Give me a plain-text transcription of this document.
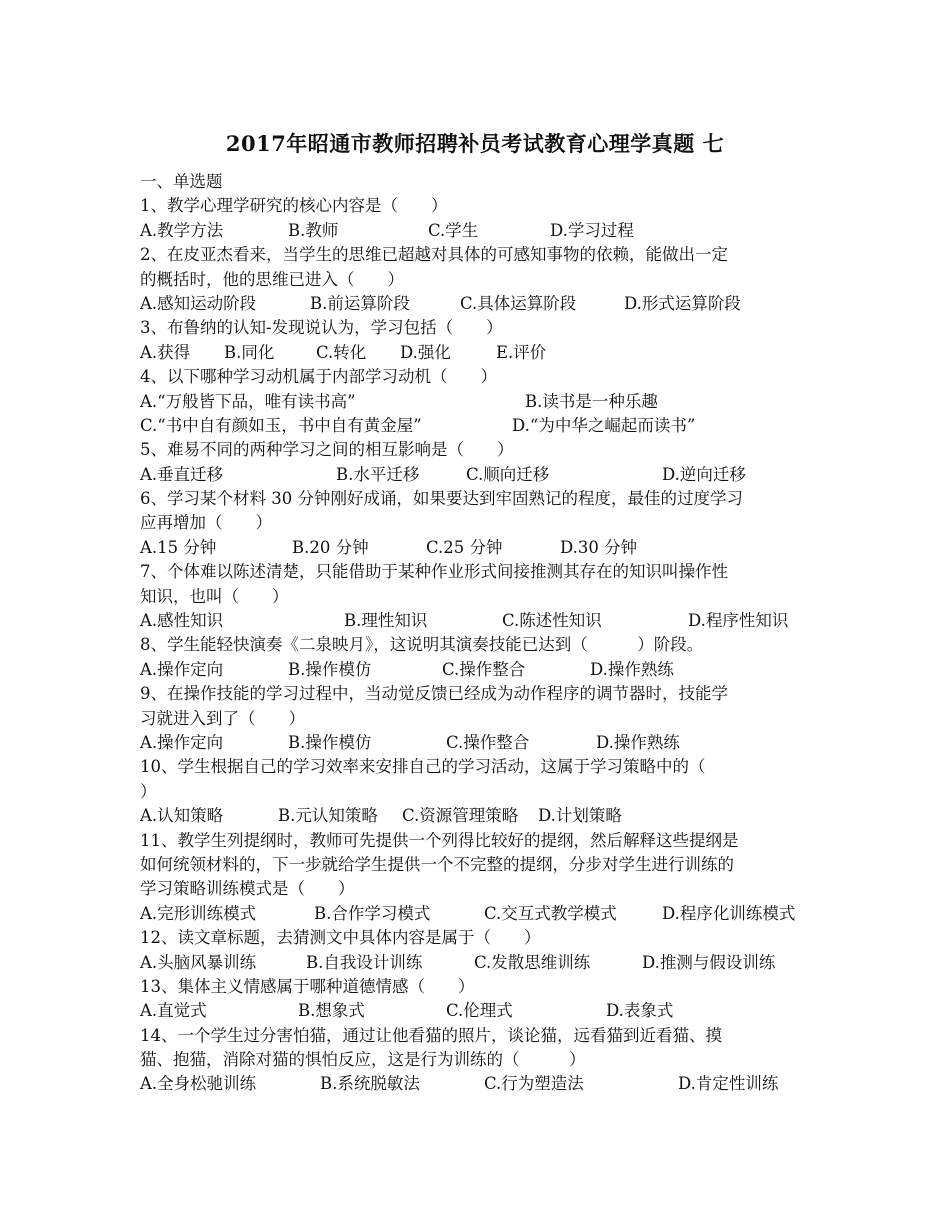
2017年昭通市教师招聘补员考试教育心理学真题 七
一、单选题
1、教学心理学研究的核心内容是（　　）
A.教学方法	B.教师	C.学生	D.学习过程
2、在皮亚杰看来，当学生的思维已超越对具体的可感知事物的依赖，能做出一定
的概括时，他的思维已进入（　　）
A.感知运动阶段	B.前运算阶段	C.具体运算阶段	D.形式运算阶段
3、布鲁纳的认知-发现说认为，学习包括（　　）
A.获得 B.同化	C.转化 D.强化	E.评价
4、以下哪种学习动机属于内部学习动机（　　）
A.“万般皆下品，唯有读书高”	B.读书是一种乐趣
C.“书中自有颜如玉，书中自有黄金屋”	D.“为中华之崛起而读书”
5、难易不同的两种学习之间的相互影响是（　　）
A.垂直迁移	B.水平迁移	C.顺向迁移	D.逆向迁移
6、学习某个材料 30 分钟刚好成诵，如果要达到牢固熟记的程度，最佳的过度学习
应再增加（　　）
A.15 分钟	B.20 分钟	C.25 分钟	D.30 分钟
7、个体难以陈述清楚，只能借助于某种作业形式间接推测其存在的知识叫操作性
知识，也叫（　　）
A.感性知识	B.理性知识	C.陈述性知识	D.程序性知识
8、学生能轻快演奏《二泉映月》，这说明其演奏技能已达到（　　　）阶段。
A.操作定向	B.操作模仿	C.操作整合	D.操作熟练
9、在操作技能的学习过程中，当动觉反馈已经成为动作程序的调节器时，技能学
习就进入到了（　　）
A.操作定向	B.操作模仿	C.操作整合	D.操作熟练
10、学生根据自己的学习效率来安排自己的学习活动，这属于学习策略中的（
）
A.认知策略	B.元认知策略 C.资源管理策略 D.计划策略
11、教学生列提纲时，教师可先提供一个列得比较好的提纲，然后解释这些提纲是
如何统领材料的，下一步就给学生提供一个不完整的提纲，分步对学生进行训练的
学习策略训练模式是（　　）
A.完形训练模式	B.合作学习模式	C.交互式教学模式	D.程序化训练模式
12、读文章标题，去猜测文中具体内容是属于（　　）
A.头脑风暴训练	B.自我设计训练	C.发散思维训练	D.推测与假设训练
13、集体主义情感属于哪种道德情感（　　）
A.直觉式	B.想象式	C.伦理式	D.表象式
14、一个学生过分害怕猫，通过让他看猫的照片，谈论猫，远看猫到近看猫、摸
猫、抱猫，消除对猫的惧怕反应，这是行为训练的（　　　）
A.全身松驰训练	B.系统脱敏法	C.行为塑造法	D.肯定性训练
